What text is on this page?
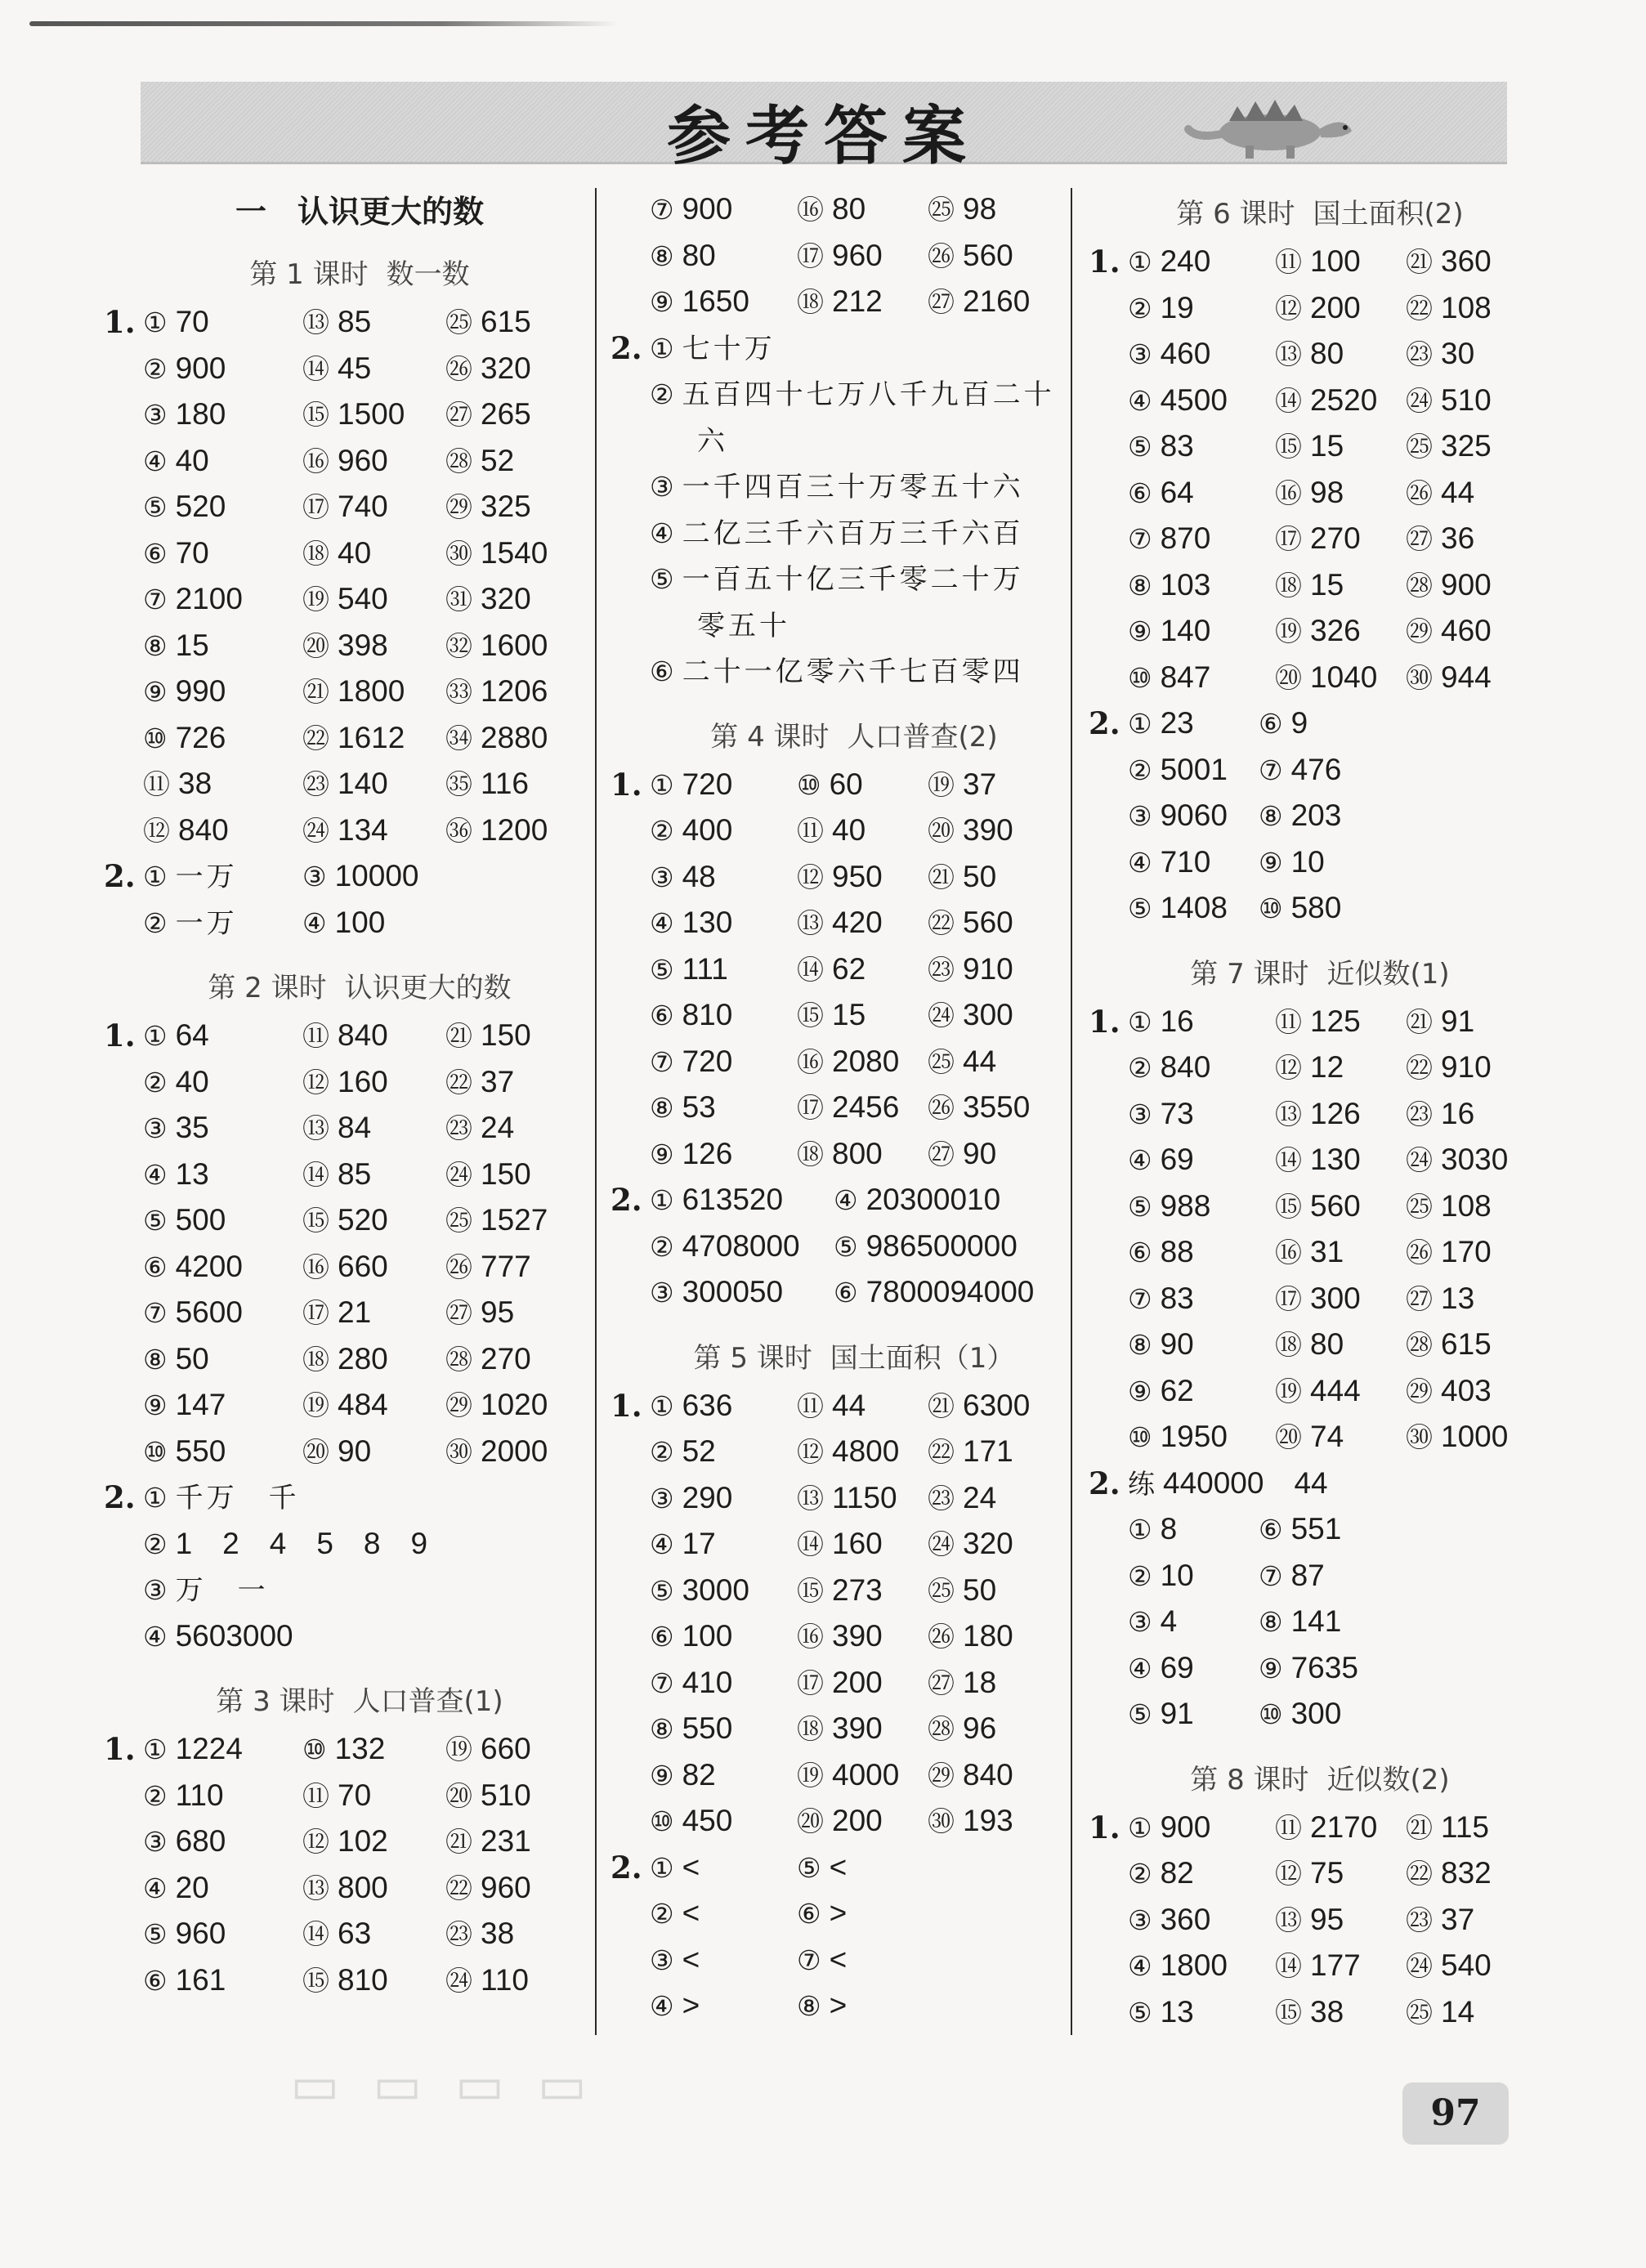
参考答案
一　认识更大的数
第 1 课时 数一数
1. ① 70	⑬ 85	㉕ 615
② 900	⑭ 45	㉖ 320
③ 180	⑮ 1500 ㉗ 265
④ 40	⑯ 960 ㉘ 52
⑤ 520	⑰ 740 ㉙ 325
⑥ 70	⑱ 40	㉚ 1540
⑦ 2100 ⑲ 540 ㉛ 320
⑧ 15	⑳ 398 ㉜ 1600
⑨ 990	㉑ 1800 ㉝ 1206
⑩ 726	㉒ 1612 ㉞ 2880
⑪ 38	㉓ 140 ㉟ 116
⑫ 840	㉔ 134 ㊱ 1200
2. ① 一万 ③ 10000
② 一万 ④ 100
第 2 课时 认识更大的数
1. ① 64	⑪ 840 ㉑ 150
② 40	⑫ 160 ㉒ 37
③ 35	⑬ 84	㉓ 24
④ 13	⑭ 85	㉔ 150
⑤ 500	⑮ 520 ㉕ 1527
⑥ 4200 ⑯ 660 ㉖ 777
⑦ 5600 ⑰ 21	㉗ 95
⑧ 50	⑱ 280 ㉘ 270
⑨ 147	⑲ 484 ㉙ 1020
⑩ 550	⑳ 90	㉚ 2000
2. ① 千万　千
② 1　2　4　5　8　9
③ 万　一
④ 5603000
第 3 课时 人口普查(1)
1. ① 1224 ⑩ 132 ⑲ 660
② 110	⑪ 70	⑳ 510
③ 680	⑫ 102 ㉑ 231
④ 20	⑬ 800 ㉒ 960
⑤ 960	⑭ 63	㉓ 38
⑥ 161	⑮ 810 ㉔ 110
⑦ 900 ⑯ 80 ㉕ 98
⑧ 80	⑰ 960 ㉖ 560
⑨ 1650 ⑱ 212 ㉗ 2160
2. ① 七十万
② 五百四十七万八千九百二十
六
③ 一千四百三十万零五十六
④ 二亿三千六百万三千六百
⑤ 一百五十亿三千零二十万
零五十
⑥ 二十一亿零六千七百零四
第 4 课时 人口普查(2)
1. ① 720 ⑩ 60 ⑲ 37
② 400 ⑪ 40 ⑳ 390
③ 48	⑫ 950 ㉑ 50
④ 130 ⑬ 420 ㉒ 560
⑤ 111	⑭ 62 ㉓ 910
⑥ 810 ⑮ 15 ㉔ 300
⑦ 720 ⑯ 2080 ㉕ 44
⑧ 53	⑰ 2456 ㉖ 3550
⑨ 126 ⑱ 800 ㉗ 90
2. ① 613520 ④ 20300010
② 4708000 ⑤ 986500000
③ 300050 ⑥ 7800094000
第 5 课时 国土面积（1）
1. ① 636 ⑪ 44 ㉑ 6300
② 52	⑫ 4800 ㉒ 171
③ 290 ⑬ 1150 ㉓ 24
④ 17	⑭ 160 ㉔ 320
⑤ 3000 ⑮ 273 ㉕ 50
⑥ 100 ⑯ 390 ㉖ 180
⑦ 410 ⑰ 200 ㉗ 18
⑧ 550 ⑱ 390 ㉘ 96
⑨ 82	⑲ 4000 ㉙ 840
⑩ 450 ⑳ 200 ㉚ 193
2. ① <	⑤ <
② <	⑥ >
③ <	⑦ <
④ >	⑧ >
第 6 课时 国土面积(2)
1. ① 240 ⑪ 100 ㉑ 360
② 19	⑫ 200 ㉒ 108
③ 460 ⑬ 80 ㉓ 30
④ 4500 ⑭ 2520 ㉔ 510
⑤ 83	⑮ 15 ㉕ 325
⑥ 64	⑯ 98 ㉖ 44
⑦ 870 ⑰ 270 ㉗ 36
⑧ 103 ⑱ 15 ㉘ 900
⑨ 140 ⑲ 326 ㉙ 460
⑩ 847 ⑳ 1040 ㉚ 944
2. ① 23 ⑥ 9
② 5001 ⑦ 476
③ 9060 ⑧ 203
④ 710 ⑨ 10
⑤ 1408 ⑩ 580
第 7 课时 近似数(1)
1. ① 16	⑪ 125 ㉑ 91
② 840 ⑫ 12 ㉒ 910
③ 73	⑬ 126 ㉓ 16
④ 69	⑭ 130 ㉔ 3030
⑤ 988 ⑮ 560 ㉕ 108
⑥ 88	⑯ 31 ㉖ 170
⑦ 83	⑰ 300 ㉗ 13
⑧ 90	⑱ 80 ㉘ 615
⑨ 62	⑲ 444 ㉙ 403
⑩ 1950 ⑳ 74 ㉚ 1000
2. 练 440000　44
① 8	⑥ 551
② 10 ⑦ 87
③ 4	⑧ 141
④ 69 ⑨ 7635
⑤ 91 ⑩ 300
第 8 课时 近似数(2)
1. ① 900 ⑪ 2170 ㉑ 115
② 82	⑫ 75 ㉒ 832
③ 360 ⑬ 95 ㉓ 37
④ 1800 ⑭ 177 ㉔ 540
⑤ 13	⑮ 38 ㉕ 14
▭ ▭ ▭ ▭	97
